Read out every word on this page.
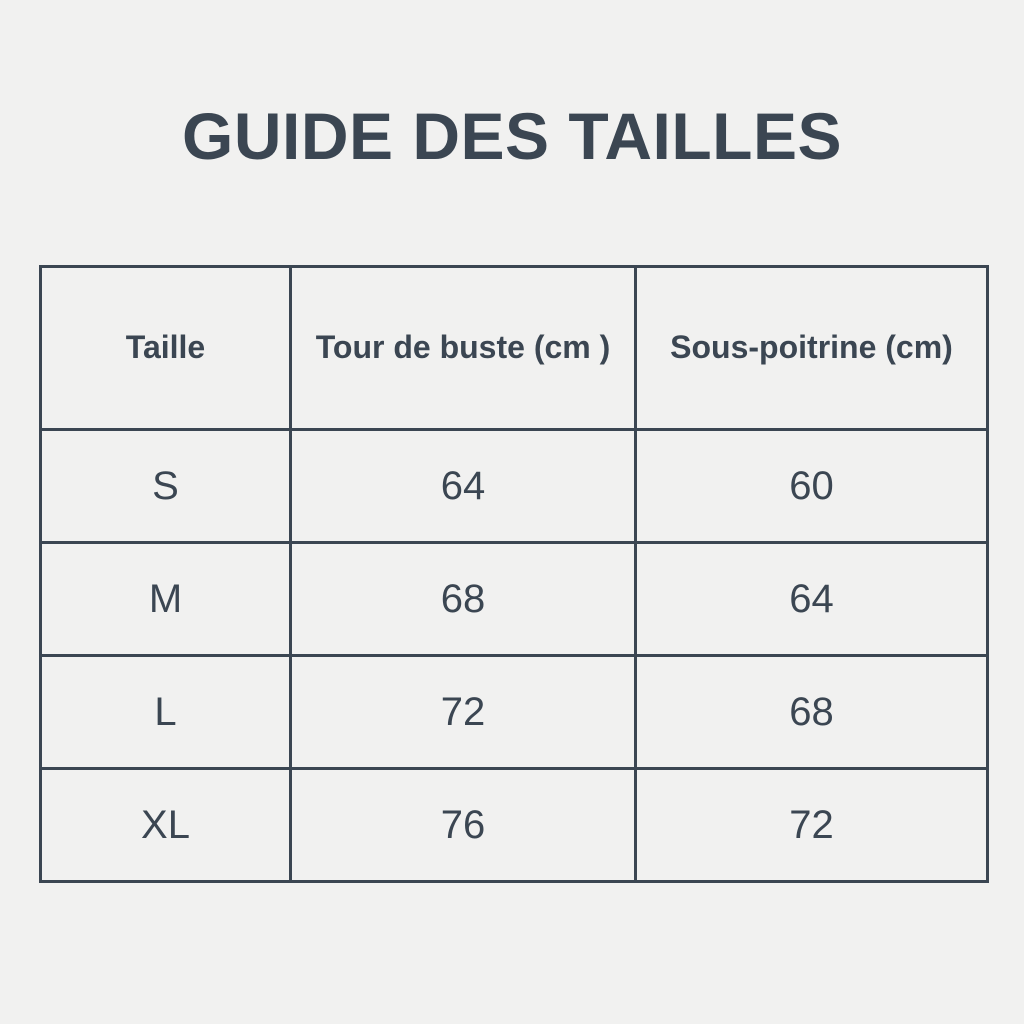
GUIDE DES TAILLES
Taille	Tour de buste (cm )	Sous-poitrine (cm)
S	64	60
M	68	64
L	72	68
XL	76	72
